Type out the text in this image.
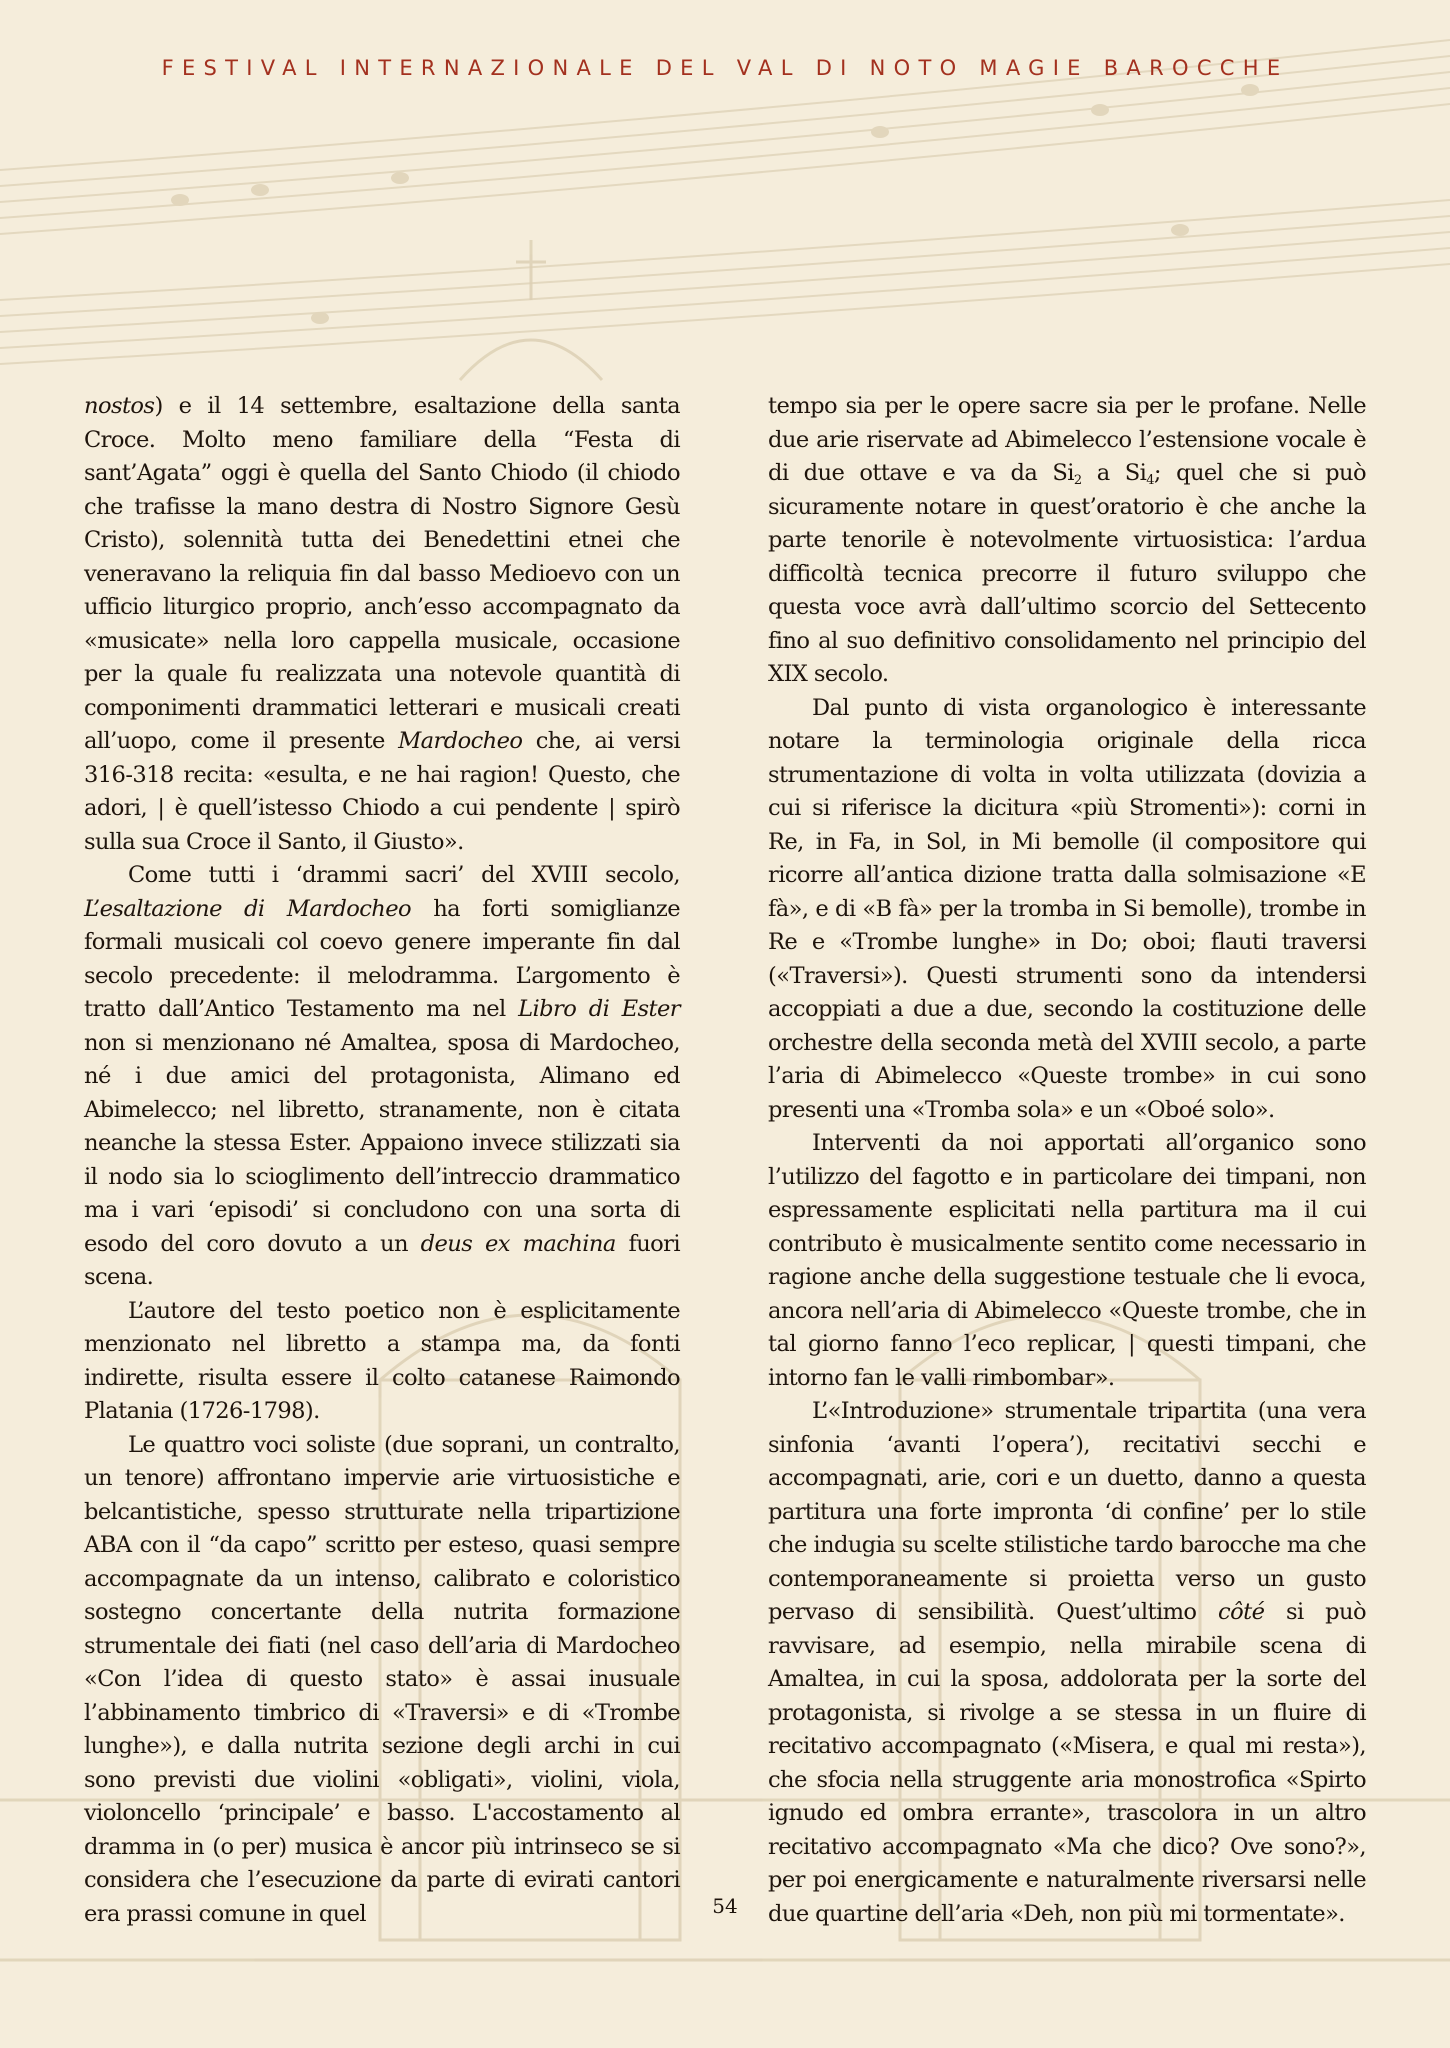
FESTIVAL INTERNAZIONALE DEL VAL DI NOTO MAGIE BAROCCHE

nostos) e il 14 settembre, esaltazione della santa Croce. Molto meno familiare della “Festa di sant’Agata” oggi è quella del Santo Chiodo (il chiodo che trafisse la mano destra di Nostro Signore Gesù Cristo), solennità tutta dei Benedettini etnei che veneravano la reliquia fin dal basso Medioevo con un ufficio liturgico proprio, anch’esso accompagnato da «musicate» nella loro cappella musicale, occasione per la quale fu realizzata una notevole quantità di componimenti drammatici letterari e musicali creati all’uopo, come il presente Mardocheo che, ai versi 316-318 recita: «esulta, e ne hai ragion! Questo, che adori, | è quell’istesso Chiodo a cui pendente | spirò sulla sua Croce il Santo, il Giusto».

Come tutti i ‘drammi sacri’ del XVIII secolo, L’esaltazione di Mardocheo ha forti somiglianze formali musicali col coevo genere imperante fin dal secolo precedente: il melodramma. L’argomento è tratto dall’Antico Testamento ma nel Libro di Ester non si menzionano né Amaltea, sposa di Mardocheo, né i due amici del protagonista, Alimano ed Abimelecco; nel libretto, stranamente, non è citata neanche la stessa Ester. Appaiono invece stilizzati sia il nodo sia lo scioglimento dell’intreccio drammatico ma i vari ‘episodi’ si concludono con una sorta di esodo del coro dovuto a un deus ex machina fuori scena.

L’autore del testo poetico non è esplicitamente menzionato nel libretto a stampa ma, da fonti indirette, risulta essere il colto catanese Raimondo Platania (1726-1798).

Le quattro voci soliste (due soprani, un contralto, un tenore) affrontano impervie arie virtuosistiche e belcantistiche, spesso strutturate nella tripartizione ABA con il “da capo” scritto per esteso, quasi sempre accompagnate da un intenso, calibrato e coloristico sostegno concertante della nutrita formazione strumentale dei fiati (nel caso dell’aria di Mardocheo «Con l’idea di questo stato» è assai inusuale l’abbinamento timbrico di «Traversi» e di «Trombe lunghe»), e dalla nutrita sezione degli archi in cui sono previsti due violini «obligati», violini, viola, violoncello ‘principale’ e basso. L'accostamento al dramma in (o per) musica è ancor più intrinseco se si considera che l’esecuzione da parte di evirati cantori era prassi comune in quel

tempo sia per le opere sacre sia per le profane. Nelle due arie riservate ad Abimelecco l’estensione vocale è di due ottave e va da $Si_2$ a $Si_4$; quel che si può sicuramente notare in quest’oratorio è che anche la parte tenorile è notevolmente virtuosistica: l’ardua difficoltà tecnica precorre il futuro sviluppo che questa voce avrà dall’ultimo scorcio del Settecento fino al suo definitivo consolidamento nel principio del XIX secolo.

Dal punto di vista organologico è interessante notare la terminologia originale della ricca strumentazione di volta in volta utilizzata (dovizia a cui si riferisce la dicitura «più Stromenti»): corni in Re, in Fa, in Sol, in Mi bemolle (il compositore qui ricorre all’antica dizione tratta dalla solmisazione «E fà», e di «B fà» per la tromba in Si bemolle), trombe in Re e «Trombe lunghe» in Do; oboi; flauti traversi («Traversi»). Questi strumenti sono da intendersi accoppiati a due a due, secondo la costituzione delle orchestre della seconda metà del XVIII secolo, a parte l’aria di Abimelecco «Queste trombe» in cui sono presenti una «Tromba sola» e un «Oboé solo».

Interventi da noi apportati all’organico sono l’utilizzo del fagotto e in particolare dei timpani, non espressamente esplicitati nella partitura ma il cui contributo è musicalmente sentito come necessario in ragione anche della suggestione testuale che li evoca, ancora nell’aria di Abimelecco «Queste trombe, che in tal giorno fanno l’eco replicar, | questi timpani, che intorno fan le valli rimbombar».

L’«Introduzione» strumentale tripartita (una vera sinfonia ‘avanti l’opera’), recitativi secchi e accompagnati, arie, cori e un duetto, danno a questa partitura una forte impronta ‘di confine’ per lo stile che indugia su scelte stilistiche tardo barocche ma che contemporaneamente si proietta verso un gusto pervaso di sensibilità. Quest’ultimo côté si può ravvisare, ad esempio, nella mirabile scena di Amaltea, in cui la sposa, addolorata per la sorte del protagonista, si rivolge a se stessa in un fluire di recitativo accompagnato («Misera, e qual mi resta»), che sfocia nella struggente aria monostrofica «Spirto ignudo ed ombra errante», trascolora in un altro recitativo accompagnato «Ma che dico? Ove sono?», per poi energicamente e naturalmente riversarsi nelle due quartine dell’aria «Deh, non più mi tormentate».

54
